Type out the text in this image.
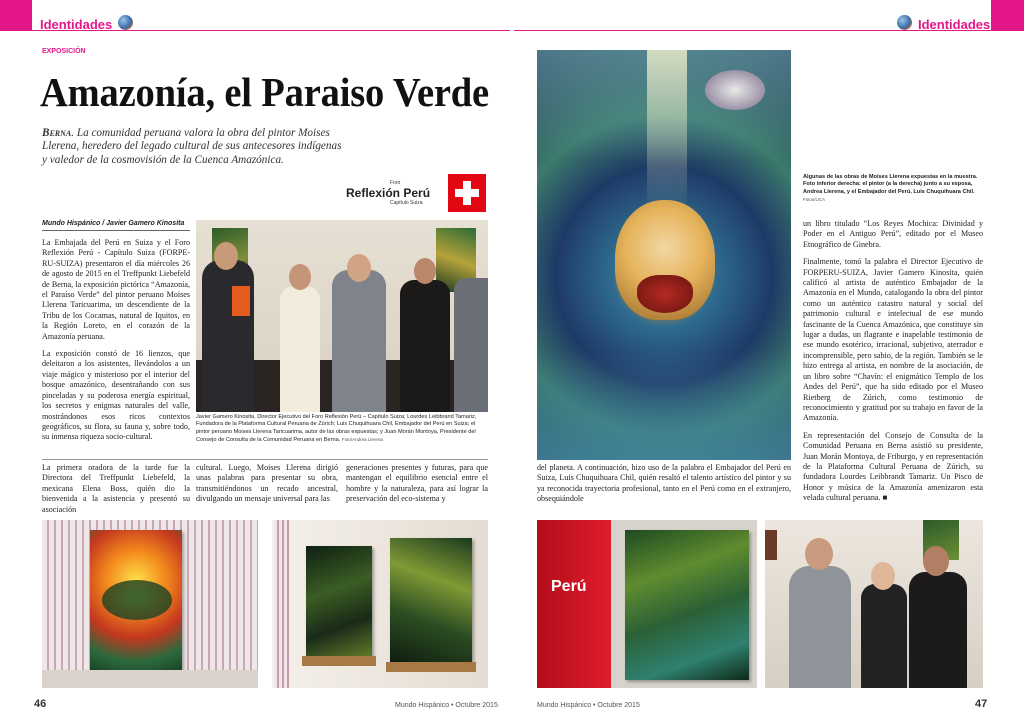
Identidades	Identidades
EXPOSICIÓN
Amazonía, el Paraiso Verde
Berna. La comunidad peruana valora la obra del pintor Moises Llerena, heredero del legado cultural de sus antecesores indígenas y valedor de la cosmovisión de la Cuenca Amazónica.
Foro
Reflexión Perú
Capítulo Suiza
Mundo Hispánico / Javier Gamero Kinosita

La Embajada del Perú en Suiza y el Foro Reflexión Perú - Capítulo Suiza (FORPE-RU-SUIZA) presentaron el día miércoles 26 de agosto de 2015 en el Treffpunkt Liebefeld de Berna, la exposición pictórica “Amazonía, el Paraíso Verde” del pintor peruano Moises Llerena Taricuarima, un descendiente de la Tribu de los Cocamas, natural de Iquitos, en la Región Loreto, en el corazón de la Amazonía peruana.

La exposición constó de 16 lienzos, que deleitaron a los asistentes, llevándolos a un viaje mágico y misterioso por el interior del bosque amazónico, desentrañando con sus pinceladas y su poderosa energía espiritual, los secretos y enigmas naturales del valle, mostrándonos esos ricos contextos geográficos, su flora, su fauna y, sobre todo, su inmensa riqueza socio-cultural.

Javier Gamero Kinosita, Director Ejecutivo del Foro Reflexión Perú – Capítulo Suiza; Lourdes Leibbrand Tamariz, Fundadora de la Plataforma Cultural Peruana de Zúrich; Luis Chuquihuara Chil, Embajador del Perú en Suiza; el pintor peruano Moises Llerena Taricuarima, autor de las obras expuestas; y Juan Morán Montoya, Presidente del Consejo de Consulta de la Comunidad Peruana en Berna. Foto/Andrea Llerena
La primera oradora de la tarde fue la Directora del Treffpunkt Liebefeld, la mexicana Elena Boss, quién dio la bienvenida a la asistencia y presentó su asociación
cultural. Luego, Moises Llerena dirigió unas palabras para presentar su obra, transmitiéndonos un recado ancestral, divulgando un mensaje universal para las
generaciones presentes y futuras, para que mantengan el equilibrio esencial entre el hombre y la naturaleza, para así lograr la preservación del eco-sistema y
46	Mundo Hispánico • Octubre 2015
Algunas de las obras de Moises Llerena expuestas en la muestra. Foto inferior derecha: el pintor (a la derecha) junto a su esposa, Andrea Llerena, y el Embajador del Perú, Luis Chuquihuara Chil. Fotos/UCA

un libro titulado “Los Reyes Mochica: Divinidad y Poder en el Antiguo Perú”, editado por el Museo Etnográfico de Ginebra.

Finalmente, tomó la palabra el Director Ejecutivo de FORPERU-SUIZA, Javier Gamero Kinosita, quién calificó al artista de auténtico Embajador de la Amazonía en el Mundo, catalogando la obra del pintor como un auténtico catastro natural y social del patrimonio cultural e intelectual de ese mundo fascinante de la Cuenca Amazónica, que constituye sin lugar a dudas, un flagrante e inapelable testimonio de ese mundo esotérico, irracional, subjetivo, aterrador e incomprensible, pero sabio, de la región. También se le hizo entrega al artista, en nombre de la asociación, de un libro sobre “Chavín: el enigmático Templo de los Andes del Perú”, que ha sido editado por el Museo Rietberg de Zúrich, como testimonio de reconocimiento y gratitud por su trabajo en favor de la Amazonía.

En representación del Consejo de Consulta de la Comunidad Peruana en Berna asistió su presidente, Juan Morán Montoya, de Friburgo, y en representación de la Plataforma Cultural Peruana de Zúrich, su fundadora Lourdes Leibbrandt Tamariz. Un Pisco de Honor y música de la Amazonía amenizaron esta velada cultural peruana. ■

del planeta. A continuación, hizo uso de la palabra el Embajador del Perú en Suiza, Luis Chuquihuara Chil, quién resaltó el talento artístico del pintor y su ya reconocida trayectoria profesional, tanto en el Perú como en el extranjero, obsequiándole
Perú
Mundo Hispánico • Octubre 2015	47
